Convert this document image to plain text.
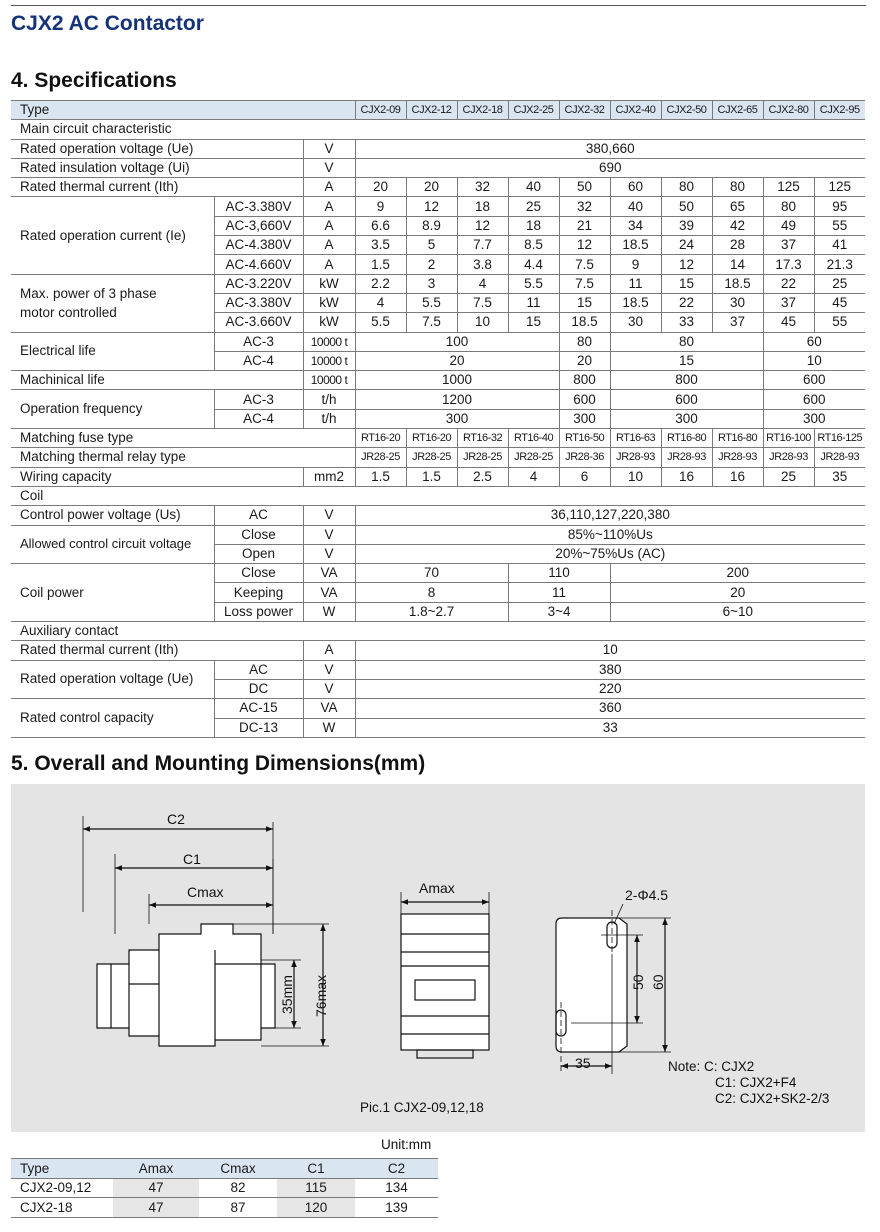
CJX2 AC Contactor
4. Specifications
Type			CJX2-09	CJX2-12	CJX2-18	CJX2-25	CJX2-32	CJX2-40	CJX2-50	CJX2-65	CJX2-80	CJX2-95
Main circuit characteristic												
Rated operation voltage (Ue)		V	380,660									
Rated insulation voltage (Ui)		V	690									
Rated thermal current (Ith)		A	20	20	32	40	50	60	80	80	125	125
Rated operation current (Ie)	AC-3.380V	A	9	12	18	25	32	40	50	65	80	95
	AC-3,660V	A	6.6	8.9	12	18	21	34	39	42	49	55
	AC-4.380V	A	3.5	5	7.7	8.5	12	18.5	24	28	37	41
	AC-4.660V	A	1.5	2	3.8	4.4	7.5	9	12	14	17.3	21.3
Max. power of 3 phase
motor controlled	AC-3.220V	kW	2.2	3	4	5.5	7.5	11	15	18.5	22	25
	AC-3.380V	kW	4	5.5	7.5	11	15	18.5	22	30	37	45
	AC-3.660V	kW	5.5	7.5	10	15	18.5	30	33	37	45	55
Electrical life	AC-3	10000 t	100				80	80			60	
	AC-4	10000 t	20				20	15			10	
Machinical life		10000 t	1000				800	800			600	
Operation frequency	AC-3	t/h	1200				600	600			600	
	AC-4	t/h	300				300	300			300	
Matching fuse type			RT16-20	RT16-20	RT16-32	RT16-40	RT16-50	RT16-63	RT16-80	RT16-80	RT16-100	RT16-125
Matching thermal relay type			JR28-25	JR28-25	JR28-25	JR28-25	JR28-36	JR28-93	JR28-93	JR28-93	JR28-93	JR28-93
Wiring capacity		mm2	1.5	1.5	2.5	4	6	10	16	16	25	35
Coil												
Control power voltage (Us)	AC	V	36,110,127,220,380									
Allowed control circuit voltage	Close	V	85%~110%Us									
	Open	V	20%~75%Us (AC)									
Coil power	Close	VA	70			110		200				
	Keeping	VA	8			11		20				
	Loss power	W	1.8~2.7			3~4		6~10				
Auxiliary contact												
Rated thermal current (Ith)		A	10									
Rated operation voltage (Ue)	AC	V	380									
	DC	V	220									
Rated control capacity	AC-15	VA	360									
	DC-13	W	33									
5. Overall and Mounting Dimensions(mm)
C2
C1
Cmax
35mm 76max
Amax	2-Φ4.5
50 60
35
Pic.1 CJX2-09,12,18
Note: C: CJX2
C1: CJX2+F4
C2: CJX2+SK2-2/3
Unit:mm
Type	Amax	Cmax	C1	C2
CJX2-09,12	47	82	115	134
CJX2-18	47	87	120	139
